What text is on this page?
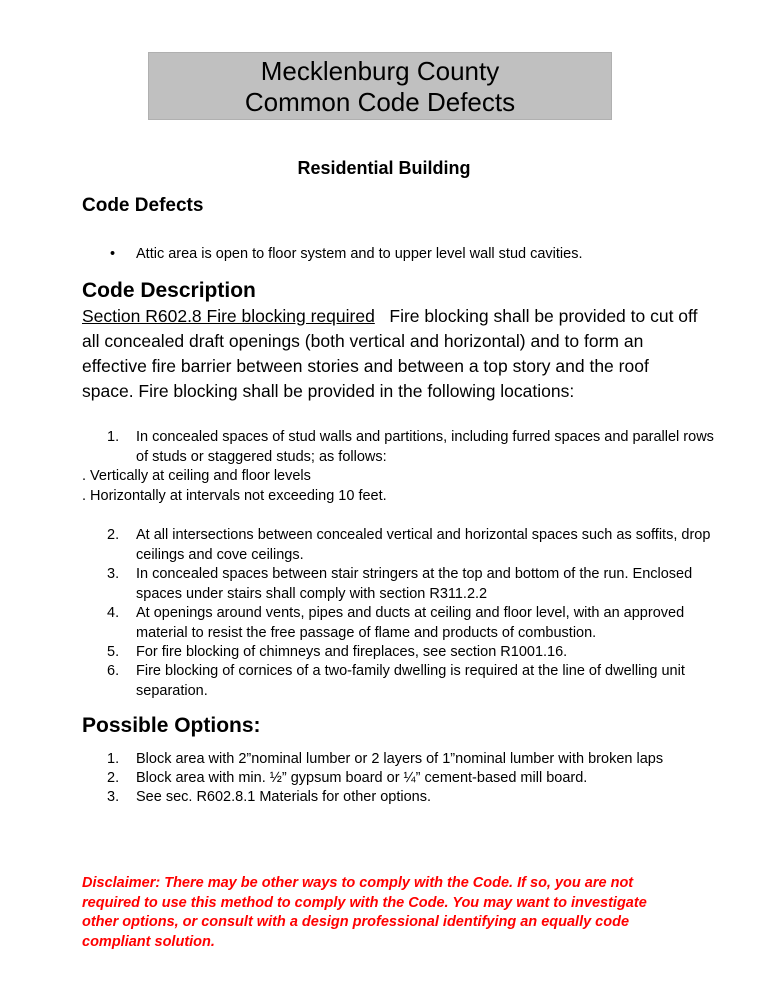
Mecklenburg County
Common Code Defects
Residential Building
Code Defects
• Attic area is open to floor system and to upper level wall stud cavities.
Code Description
Section R602.8 Fire blocking required Fire blocking shall be provided to cut off all concealed draft openings (both vertical and horizontal) and to form an effective fire barrier between stories and between a top story and the roof space. Fire blocking shall be provided in the following locations:
1. In concealed spaces of stud walls and partitions, including furred spaces and parallel rows of studs or staggered studs; as follows:
. Vertically at ceiling and floor levels
. Horizontally at intervals not exceeding 10 feet.
2. At all intersections between concealed vertical and horizontal spaces such as soffits, drop ceilings and cove ceilings.
3. In concealed spaces between stair stringers at the top and bottom of the run. Enclosed spaces under stairs shall comply with section R311.2.2
4. At openings around vents, pipes and ducts at ceiling and floor level, with an approved material to resist the free passage of flame and products of combustion.
5. For fire blocking of chimneys and fireplaces, see section R1001.16.
6. Fire blocking of cornices of a two-family dwelling is required at the line of dwelling unit separation.
Possible Options:
1. Block area with 2”nominal lumber or 2 layers of 1”nominal lumber with broken laps
2. Block area with min. ½” gypsum board or ¼” cement-based mill board.
3. See sec. R602.8.1 Materials for other options.
Disclaimer: There may be other ways to comply with the Code. If so, you are not required to use this method to comply with the Code. You may want to investigate other options, or consult with a design professional identifying an equally code compliant solution.
